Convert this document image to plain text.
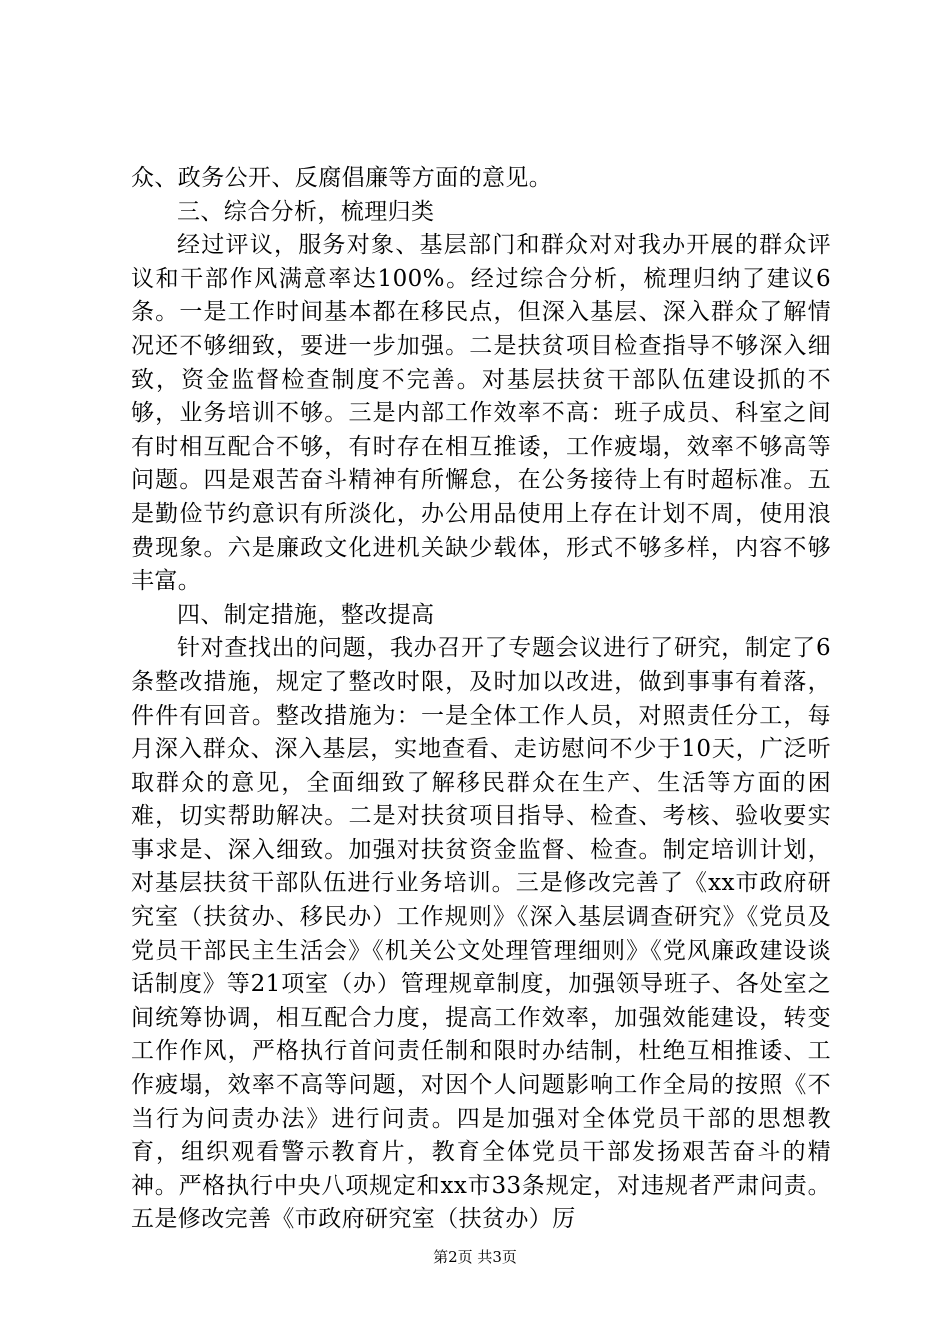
众、政务公开、反腐倡廉等方面的意见。

三、综合分析，梳理归类

经过评议，服务对象、基层部门和群众对对我办开展的群众评议和干部作风满意率达100%。经过综合分析，梳理归纳了建议6条。一是工作时间基本都在移民点，但深入基层、深入群众了解情况还不够细致，要进一步加强。二是扶贫项目检查指导不够深入细致，资金监督检查制度不完善。对基层扶贫干部队伍建设抓的不够，业务培训不够。三是内部工作效率不高：班子成员、科室之间有时相互配合不够，有时存在相互推诿，工作疲塌，效率不够高等问题。四是艰苦奋斗精神有所懈怠，在公务接待上有时超标准。五是勤俭节约意识有所淡化，办公用品使用上存在计划不周，使用浪费现象。六是廉政文化进机关缺少载体，形式不够多样，内容不够丰富。

四、制定措施，整改提高

针对查找出的问题，我办召开了专题会议进行了研究，制定了6条整改措施，规定了整改时限，及时加以改进，做到事事有着落，件件有回音。整改措施为：一是全体工作人员，对照责任分工，每月深入群众、深入基层，实地查看、走访慰问不少于10天，广泛听取群众的意见，全面细致了解移民群众在生产、生活等方面的困难，切实帮助解决。二是对扶贫项目指导、检查、考核、验收要实事求是、深入细致。加强对扶贫资金监督、检查。制定培训计划，对基层扶贫干部队伍进行业务培训。三是修改完善了《xx市政府研究室（扶贫办、移民办）工作规则》《深入基层调查研究》《党员及党员干部民主生活会》《机关公文处理管理细则》《党风廉政建设谈话制度》等21项室（办）管理规章制度，加强领导班子、各处室之间统筹协调，相互配合力度，提高工作效率，加强效能建设，转变工作作风，严格执行首问责任制和限时办结制，杜绝互相推诿、工作疲塌，效率不高等问题，对因个人问题影响工作全局的按照《不当行为问责办法》进行问责。四是加强对全体党员干部的思想教育，组织观看警示教育片，教育全体党员干部发扬艰苦奋斗的精神。严格执行中央八项规定和xx市33条规定，对违规者严肃问责。五是修改完善《市政府研究室（扶贫办）厉

第2页 共3页
